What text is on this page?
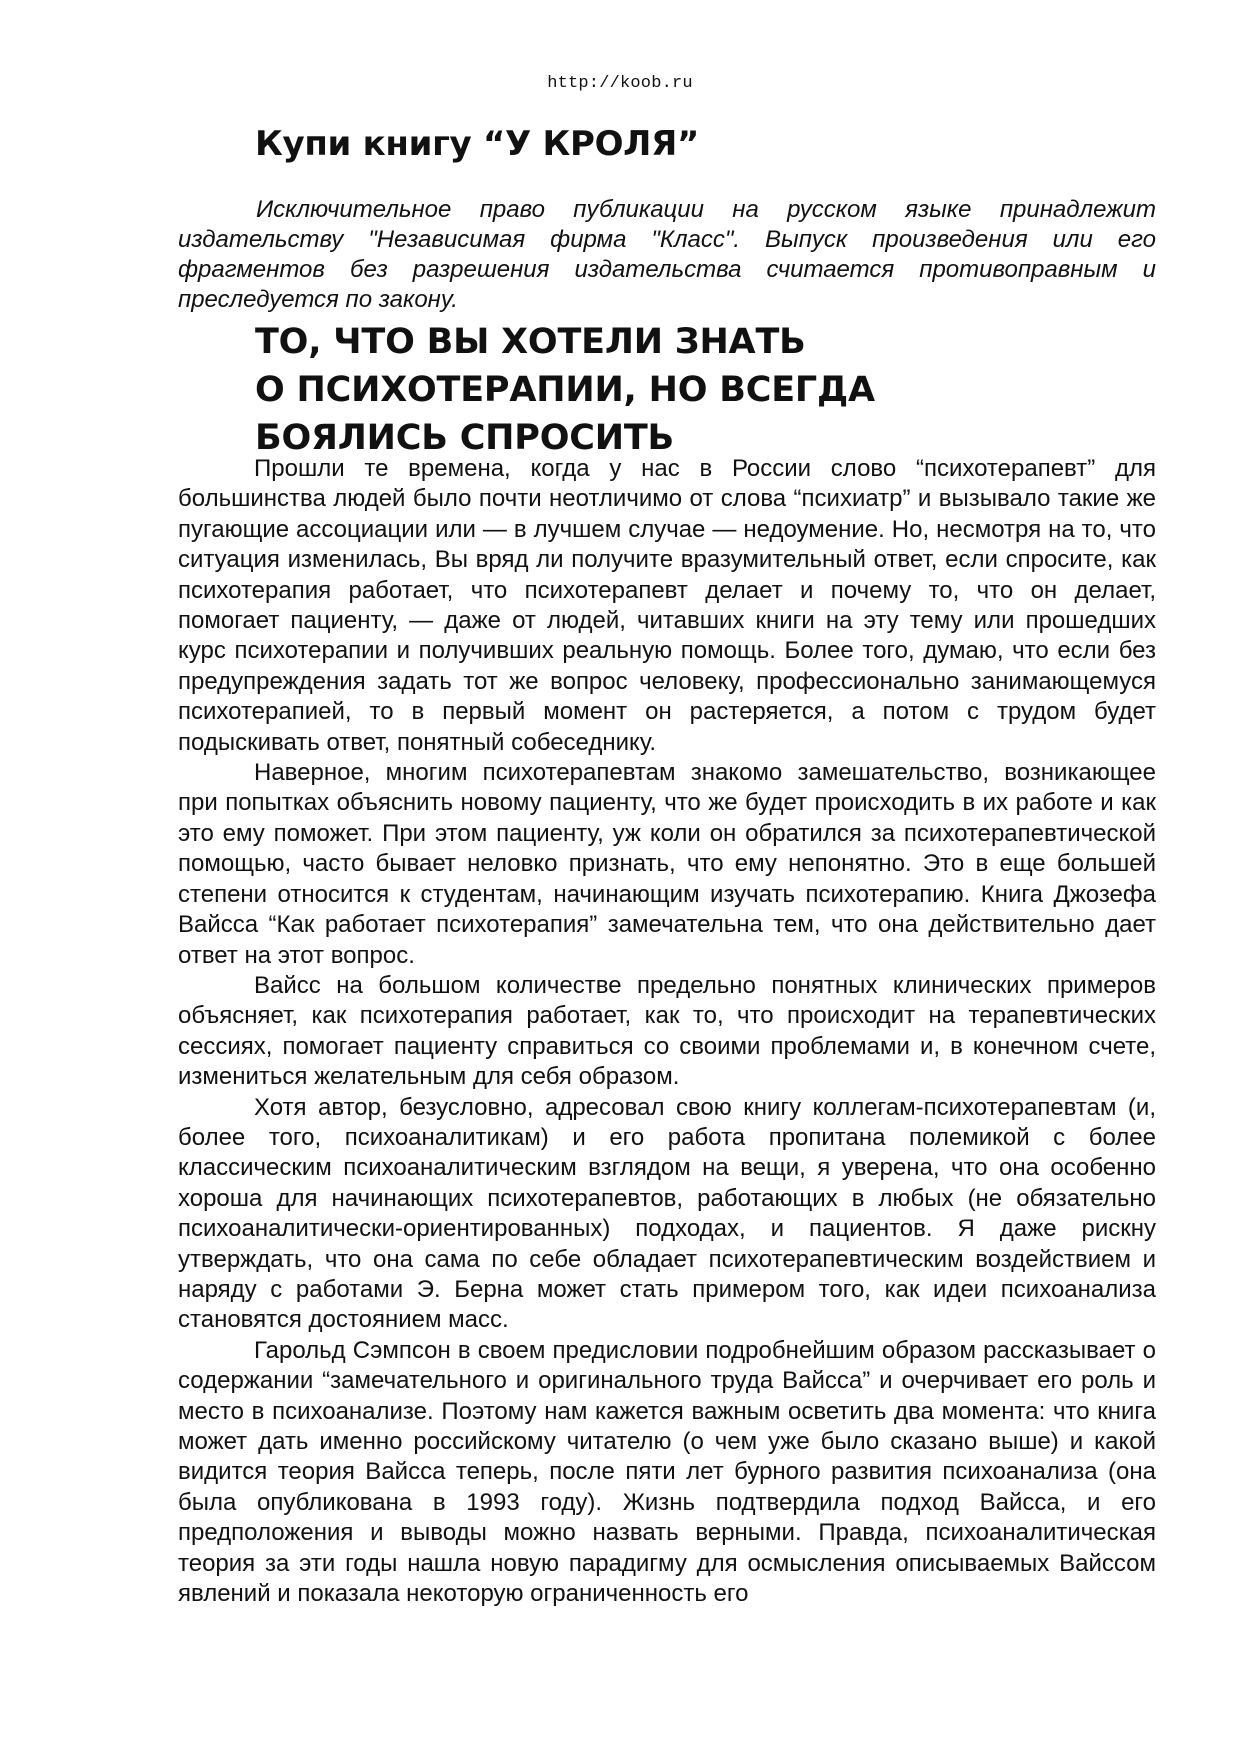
http://koob.ru
Купи книгу “У КРОЛЯ”

Исключительное право публикации на русском языке принадлежит издательству "Независимая фирма "Класс". Выпуск произведения или его фрагментов без разрешения издательства считается противоправным и преследуется по закону.

ТО, ЧТО ВЫ ХОТЕЛИ ЗНАТЬ
О ПСИХОТЕРАПИИ, НО ВСЕГДА
БОЯЛИСЬ СПРОСИТЬ

Прошли те времена, когда у нас в России слово “психотерапевт” для большинства людей было почти неотличимо от слова “психиатр” и вызывало такие же пугающие ассоциации или — в лучшем случае — недоумение. Но, несмотря на то, что ситуация изменилась, Вы вряд ли получите вразумительный ответ, если спросите, как психотерапия работает, что психотерапевт делает и почему то, что он делает, помогает пациенту, — даже от людей, читавших книги на эту тему или прошедших курс психотерапии и получивших реальную помощь. Более того, думаю, что если без предупреждения задать тот же вопрос человеку, профессионально занимающемуся психотерапией, то в первый момент он растеряется, а потом с трудом будет подыскивать ответ, понятный собеседнику.

Наверное, многим психотерапевтам знакомо замешательство, возникающее при попытках объяснить новому пациенту, что же будет происходить в их работе и как это ему поможет. При этом пациенту, уж коли он обратился за психотерапевтической помощью, часто бывает неловко признать, что ему непонятно. Это в еще большей степени относится к студентам, начинающим изучать психотерапию. Книга Джозефа Вайсса “Как работает психотерапия” замечательна тем, что она действительно дает ответ на этот вопрос.

Вайсс на большом количестве предельно понятных клинических примеров объясняет, как психотерапия работает, как то, что происходит на терапевтических сессиях, помогает пациенту справиться со своими проблемами и, в конечном счете, измениться желательным для себя образом.

Хотя автор, безусловно, адресовал свою книгу коллегам-психотерапевтам (и, более того, психоаналитикам) и его работа пропитана полемикой с более классическим психоаналитическим взглядом на вещи, я уверена, что она особенно хороша для начинающих психотерапевтов, работающих в любых (не обязательно психоаналитически-ориентированных) подходах, и пациентов. Я даже рискну утверждать, что она сама по себе обладает психотерапевтическим воздействием и наряду с работами Э. Берна может стать примером того, как идеи психоанализа становятся достоянием масс.

Гарольд Сэмпсон в своем предисловии подробнейшим образом рассказывает о содержании “замечательного и оригинального труда Вайсса” и очерчивает его роль и место в психоанализе. Поэтому нам кажется важным осветить два момента: что книга может дать именно российскому читателю (о чем уже было сказано выше) и какой видится теория Вайсса теперь, после пяти лет бурного развития психоанализа (она была опубликована в 1993 году). Жизнь подтвердила подход Вайсса, и его предположения и выводы можно назвать верными. Правда, психоаналитическая теория за эти годы нашла новую парадигму для осмысления описываемых Вайссом явлений и показала некоторую ограниченность его
